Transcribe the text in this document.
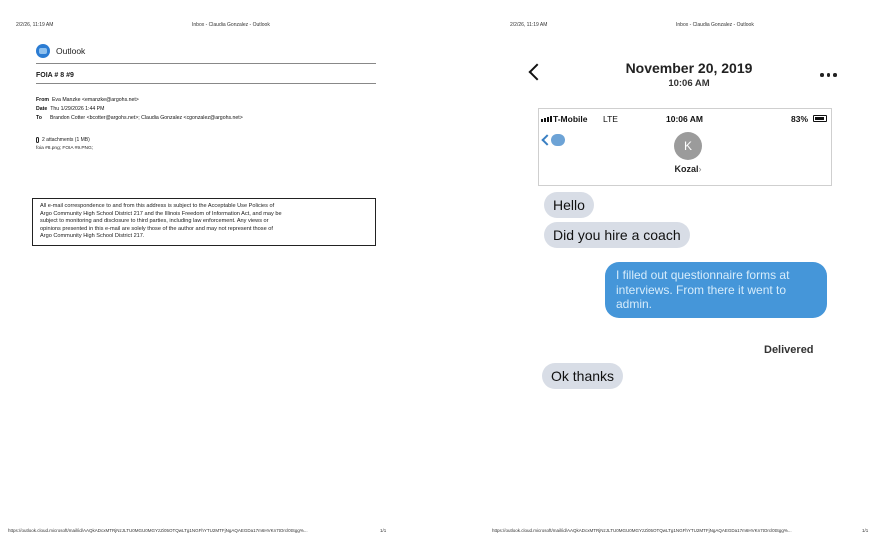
2/2/26, 11:19 AM	Inbox - Claudia Gonzalez - Outlook
Outlook
FOIA # 8 #9
From Eva Manzke <emanzke@argohs.net>
Date Thu 1/29/2026 1:44 PM
To Brandon Cotter <bcotter@argohs.net>; Claudia Gonzalez <cgonzalez@argohs.net>
2 attachments (1 MB)
foia #8.png; FOIA #9.PNG;
All e-mail correspondence to and from this address is subject to the Acceptable Use Policies of
Argo Community High School District 217 and the Illinois Freedom of Information Act, and may be
subject to monitoring and disclosure to third parties, including law enforcement. Any views or
opinions presented in this e-mail are solely those of the author and may not represent those of
Argo Community High School District 217.
https://outlook.cloud.microsoft/mail/id/AAQkADcxMTRjNzJLTU0MGU0MGYzZi05OTQwLTg1NGFhYTU2MTFjNgAQAEGDa17m6HVKn7tOrcl0tSgg%...	1/1
2/2/26, 11:19 AM	Inbox - Claudia Gonzalez - Outlook
https://outlook.cloud.microsoft/mail/id/AAQkADcxMTRjNzJLTU0MGU0MGYzZi05OTQwLTg1NGFhYTU2MTFjNgAQAEGDa17m6HVKn7tOrcl0tSgg%...	1/1
November 20, 2019
10:06 AM
T-Mobile LTE	10:06 AM	83%
K
Kozal›
Hello
Did you hire a coach
I filled out questionnaire forms at interviews. From there it went to admin.
Delivered
Ok thanks
